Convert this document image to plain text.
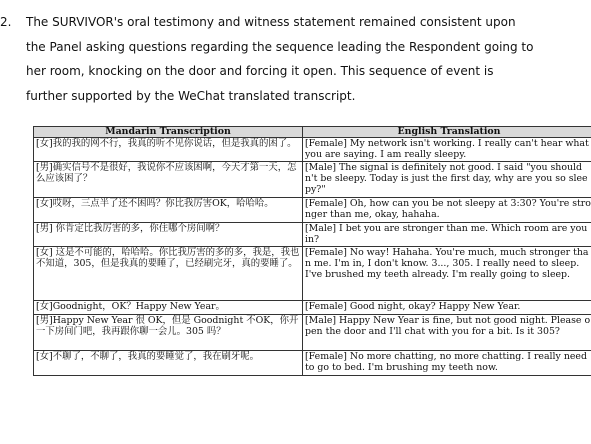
2. The SURVIVOR's oral testimony and witness statement remained consistent upon
the Panel asking questions regarding the sequence leading the Respondent going to
her room, knocking on the door and forcing it open. This sequence of event is
further supported by the WeChat translated transcript.
Mandarin Transcription	English Translation
[女]我的我的网不行，我真的听不见你说话，但是我真的困了。	[Female] My network isn't working. I really can't hear what you are saying. I am really sleepy.
[男]确实信号不是很好，我说你不应该困啊，今天才第一天，怎么应该困了？	[Male] The signal is definitely not good. I said "you shouldn't be sleepy. Today is just the first day, why are you so sleepy?"
[女]哎呀，三点半了还不困吗？你比我厉害OK，哈哈哈。	[Female] Oh, how can you be not sleepy at 3:30? You're stronger than me, okay, hahaha.
[男] 你肯定比我厉害的多，你住哪个房间啊？	[Male] I bet you are stronger than me. Which room are you in?
[女] 这是不可能的，哈哈哈。你比我厉害的多的多，我是，我也不知道，305，但是我真的要睡了，已经刷完牙，真的要睡了。	[Female] No way! Hahaha. You're much, much stronger than me. I'm in, I don't know. 3..., 305. I really need to sleep. I've brushed my teeth already. I'm really going to sleep.
[女]Goodnight，OK？Happy New Year。	[Female] Good night, okay? Happy New Year.
[男]Happy New Year 很 OK，但是 Goodnight 不OK，你开一下房间门吧，我再跟你聊一会儿。305 吗？	[Male] Happy New Year is fine, but not good night. Please open the door and I'll chat with you for a bit. Is it 305?
[女]不聊了，不聊了，我真的要睡觉了，我在刷牙呢。	[Female] No more chatting, no more chatting. I really need to go to bed. I'm brushing my teeth now.
